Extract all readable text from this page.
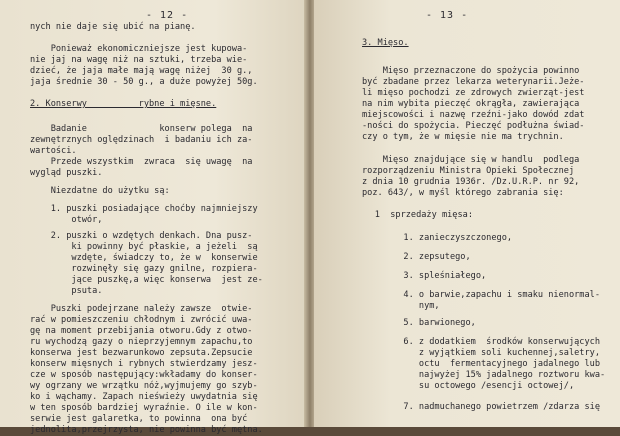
- 12 -
nych nie daje się ubić na pianę.
Ponieważ ekonomiczniejsze jest kupowa-
nie jaj na wagę niż na sztuki, trzeba wie-
dzieć, że jaja małe mają wagę niżej  30 g.,
jaja średnie 30 - 50 g., a duże powyżej 50g.
2. Konserwy          rybne i mięsne.
Badanie              konserw polega  na
zewnętrznych oględzinach  i badaniu ich za-
wartości.
Przede wszystkim  zwraca  się uwagę  na
wygląd puszki.
Niezdatne do użytku są:
1. puszki posiadające choćby najmniejszy
otwór,
2. puszki o wzdętych denkach. Dna pusz-
ki powinny być płaskie, a jeżeli  są
wzdęte, świadczy to, że w  konserwie
rozwinęły się gazy gnilne, rozpiera-
jące puszkę,a więc konserwa  jest ze-
psuta.
Puszki podejrzane należy zawsze  otwie-
rać w pomieszczeniu chłodnym i zwrócić uwa-
gę na moment przebijania otworu.Gdy z otwo-
ru wychodzą gazy o nieprzyjemnym zapachu,to
konserwa jest bezwarunkowo zepsuta.Zepsucie
konserw mięsnych i rybnych stwierdzamy jesz-
cze w sposób następujący:wkładamy do konser-
wy ogrzany we wrzątku nóż,wyjmujemy go szyb-
ko i wąchamy. Zapach nieświeży uwydatnia się
w ten sposób bardziej wyraźnie. O ile w kon-
serwie jest galaretka, to powinna  ona być
jednolita,przejrzysta, nie powinna być mętna.
- 13 -
3. Mięso.
Mięso przeznaczone do spożycia powinno
być zbadane przez lekarza weterynarii.Jeże-
li mięso pochodzi ze zdrowych zwierząt-jest
na nim wybita pieczęć okrągła, zawierająca
miejscowości i nazwę rzeźni-jako dowód zdat
-ności do spożycia. Pieczęć podłużna świad-
czy o tym, że w mięsie nie ma trychnin.
Mięso znajdujące się w handlu  podlega
rozporządzeniu Ministra Opieki Społecznej
z dnia 10 grudnia 1936r. /Dz.U.R.P. nr 92,
poz. 643/, w myśl którego zabrania się:
1  sprzedaży mięsa:
1. zanieczyszczonego,
2. zepsutego,
3. spleśniałego,
4. o barwie,zapachu i smaku nienormal-
nym,
5. barwionego,
6. z dodatkiem  środków konserwujących
z wyjątkiem soli kuchennej,saletry,
octu  fermentacyjnego jadalnego lub
najwyżej 15% jadalnego roztworu kwa-
su octowego /esencji octowej/,
7. nadmuchanego powietrzem /zdarza się
